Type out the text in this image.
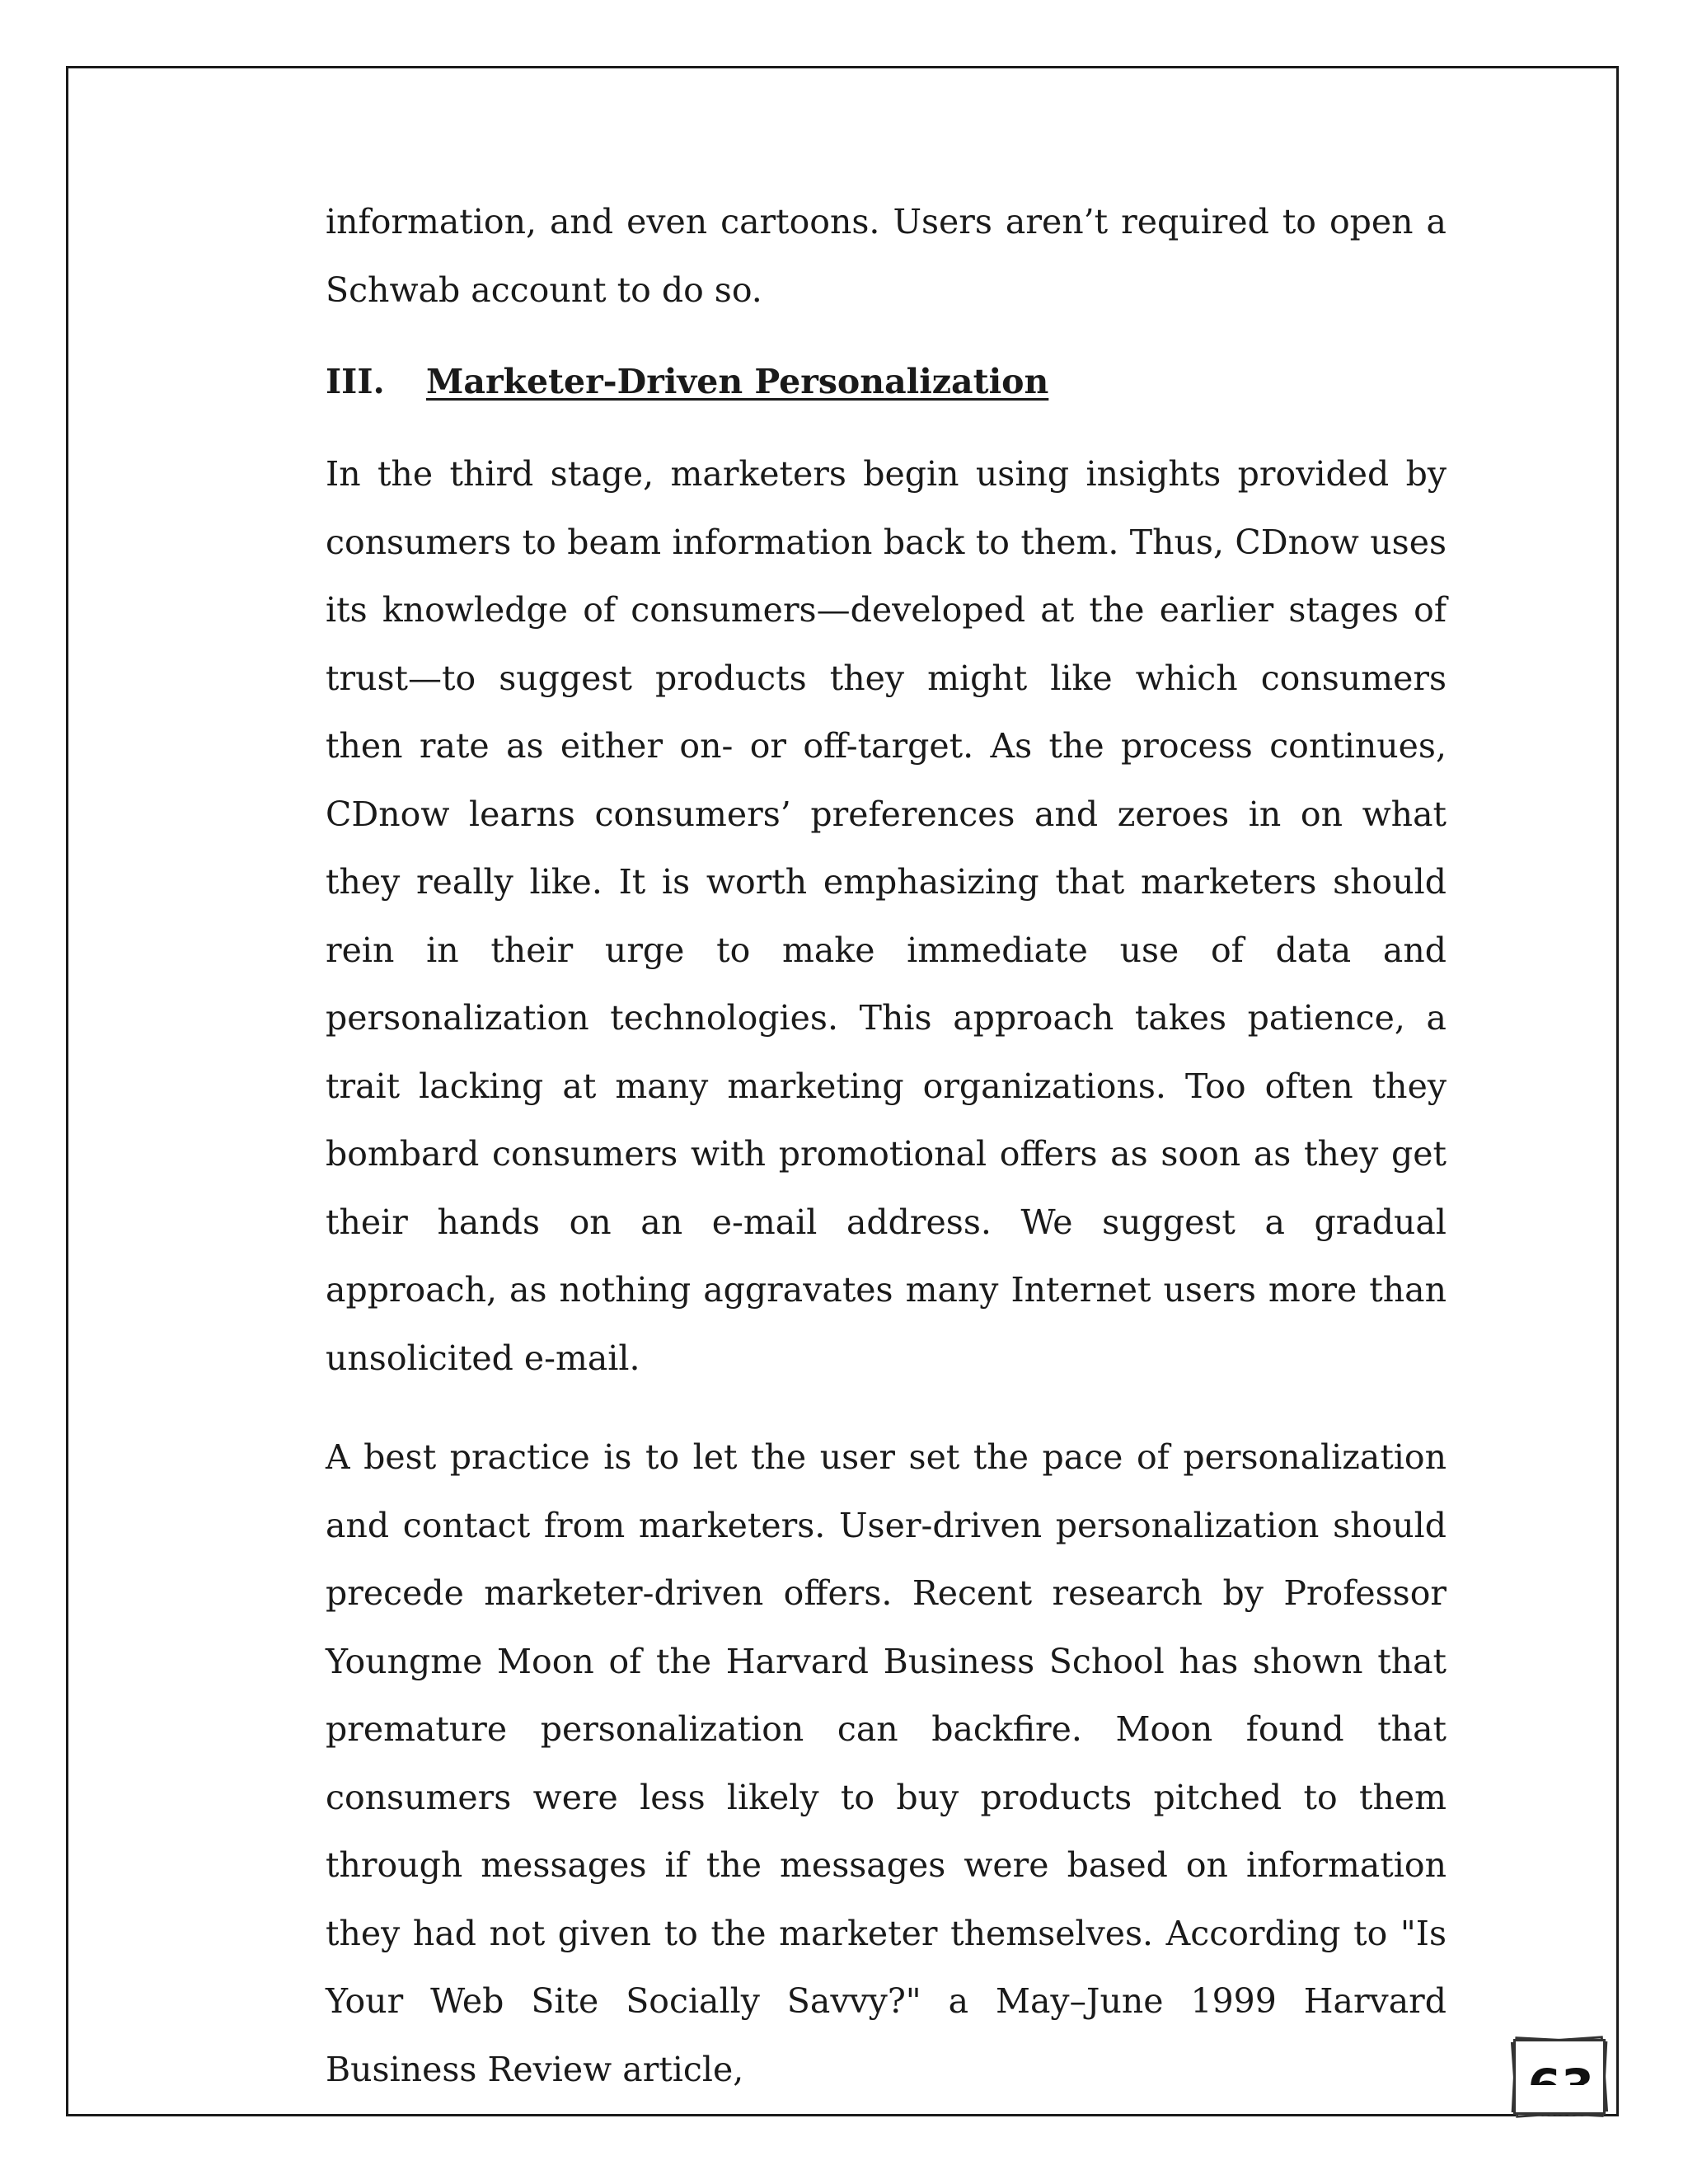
information, and even cartoons. Users aren’t required to open a Schwab account to do so.

III.	Marketer-Driven Personalization

In the third stage, marketers begin using insights provided by consumers to beam information back to them. Thus, CDnow uses its knowledge of consumers—developed at the earlier stages of trust—to suggest products they might like which consumers then rate as either on- or off-target. As the process continues, CDnow learns consumers’ preferences and zeroes in on what they really like. It is worth emphasizing that marketers should rein in their urge to make immediate use of data and personalization technologies. This approach takes patience, a trait lacking at many marketing organizations. Too often they bombard consumers with promotional offers as soon as they get their hands on an e-mail address. We suggest a gradual approach, as nothing aggravates many Internet users more than unsolicited e-mail.

A best practice is to let the user set the pace of personalization and contact from marketers. User-driven personalization should precede marketer-driven offers. Recent research by Professor Youngme Moon of the Harvard Business School has shown that premature personalization can backfire. Moon found that consumers were less likely to buy products pitched to them through messages if the messages were based on information they had not given to the marketer themselves. According to "Is Your Web Site Socially Savvy?" a May–June 1999 Harvard Business Review article,
